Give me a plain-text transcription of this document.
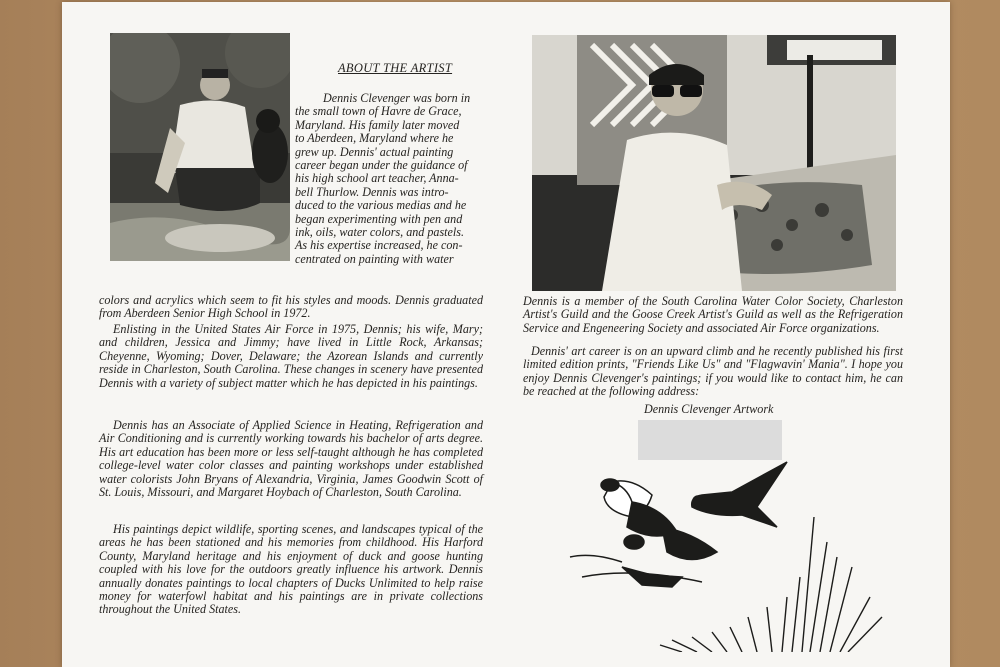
ABOUT THE ARTIST

Dennis Clevenger was born in
the small town of Havre de Grace,
Maryland. His family later moved
to Aberdeen, Maryland where he
grew up. Dennis' actual painting
career began under the guidance of
his high school art teacher, Anna-
bell Thurlow. Dennis was intro-
duced to the various medias and he
began experimenting with pen and
ink, oils, water colors, and pastels.
As his expertise increased, he con-
centrated on painting with water

colors and acrylics which seem to fit his styles and moods. Dennis graduated from Aberdeen Senior High School in 1972.

Enlisting in the United States Air Force in 1975, Dennis; his wife, Mary; and children, Jessica and Jimmy; have lived in Little Rock, Arkansas; Cheyenne, Wyoming; Dover, Delaware; the Azorean Islands and currently reside in Charleston, South Carolina. These changes in scenery have presented Dennis with a variety of subject matter which he has depicted in his paintings.

Dennis has an Associate of Applied Science in Heating, Refrigeration and Air Conditioning and is currently working towards his bachelor of arts degree. His art education has been more or less self-taught although he has completed college-level water color classes and painting workshops under established water colorists John Bryans of Alexandria, Virginia, James Goodwin Scott of St. Louis, Missouri, and Margaret Hoybach of Charleston, South Carolina.

His paintings depict wildlife, sporting scenes, and landscapes typical of the areas he has been stationed and his memories from childhood. His Harford County, Maryland heritage and his enjoyment of duck and goose hunting coupled with his love for the outdoors greatly influence his artwork. Dennis annually donates paintings to local chapters of Ducks Unlimited to help raise money for waterfowl habitat and his paintings are in private collections throughout the United States.

Dennis is a member of the South Carolina Water Color Society, Charleston Artist's Guild and the Goose Creek Artist's Guild as well as the Refrigeration Service and Engeneering Society and associated Air Force organizations.

Dennis' art career is on an upward climb and he recently published his first limited edition prints, "Friends Like Us" and "Flagwavin' Mania". I hope you enjoy Dennis Clevenger's paintings; if you would like to contact him, he can be reached at the following address:

Dennis Clevenger Artwork
